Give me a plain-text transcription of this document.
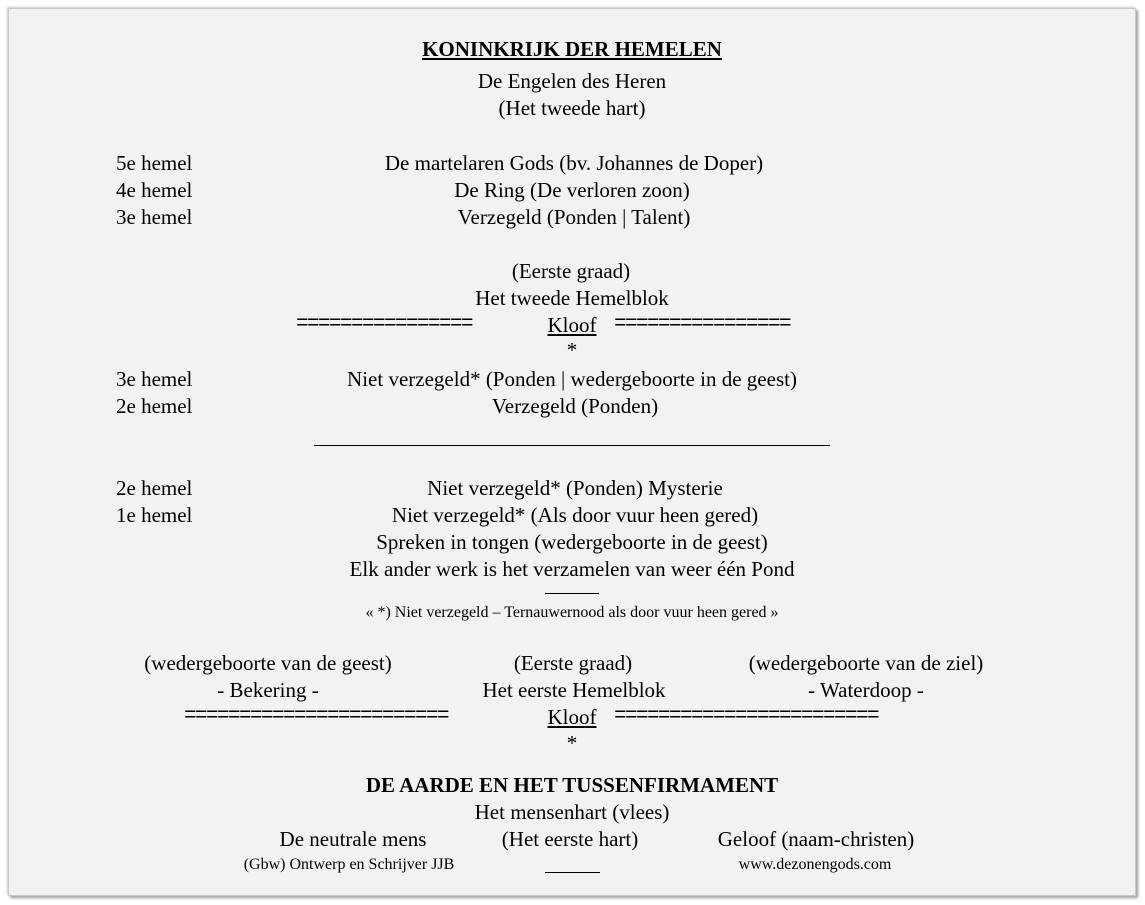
KONINKRIJK DER HEMELEN
De Engelen des Heren
(Het tweede hart)
5e hemel	De martelaren Gods (bv. Johannes de Doper)
4e hemel	De Ring (De verloren zoon)
3e hemel	Verzegeld (Ponden | Talent)
(Eerste graad)
Het tweede Hemelblok
================	Kloof ================
*
3e hemel	Niet verzegeld* (Ponden | wedergeboorte in de geest)
2e hemel	Verzegeld (Ponden)
2e hemel	Niet verzegeld* (Ponden) Mysterie
1e hemel	Niet verzegeld* (Als door vuur heen gered)
Spreken in tongen (wedergeboorte in de geest)
Elk ander werk is het verzamelen van weer één Pond
« *) Niet verzegeld – Ternauwernood als door vuur heen gered »
(wedergeboorte van de geest)	(Eerste graad)	(wedergeboorte van de ziel)
- Bekering -	Het eerste Hemelblok	- Waterdoop -
========================	Kloof ========================
*
DE AARDE EN HET TUSSENFIRMAMENT
Het mensenhart (vlees)
De neutrale mens	(Het eerste hart)	Geloof (naam-christen)
(Gbw) Ontwerp en Schrijver JJB	www.dezonengods.com
